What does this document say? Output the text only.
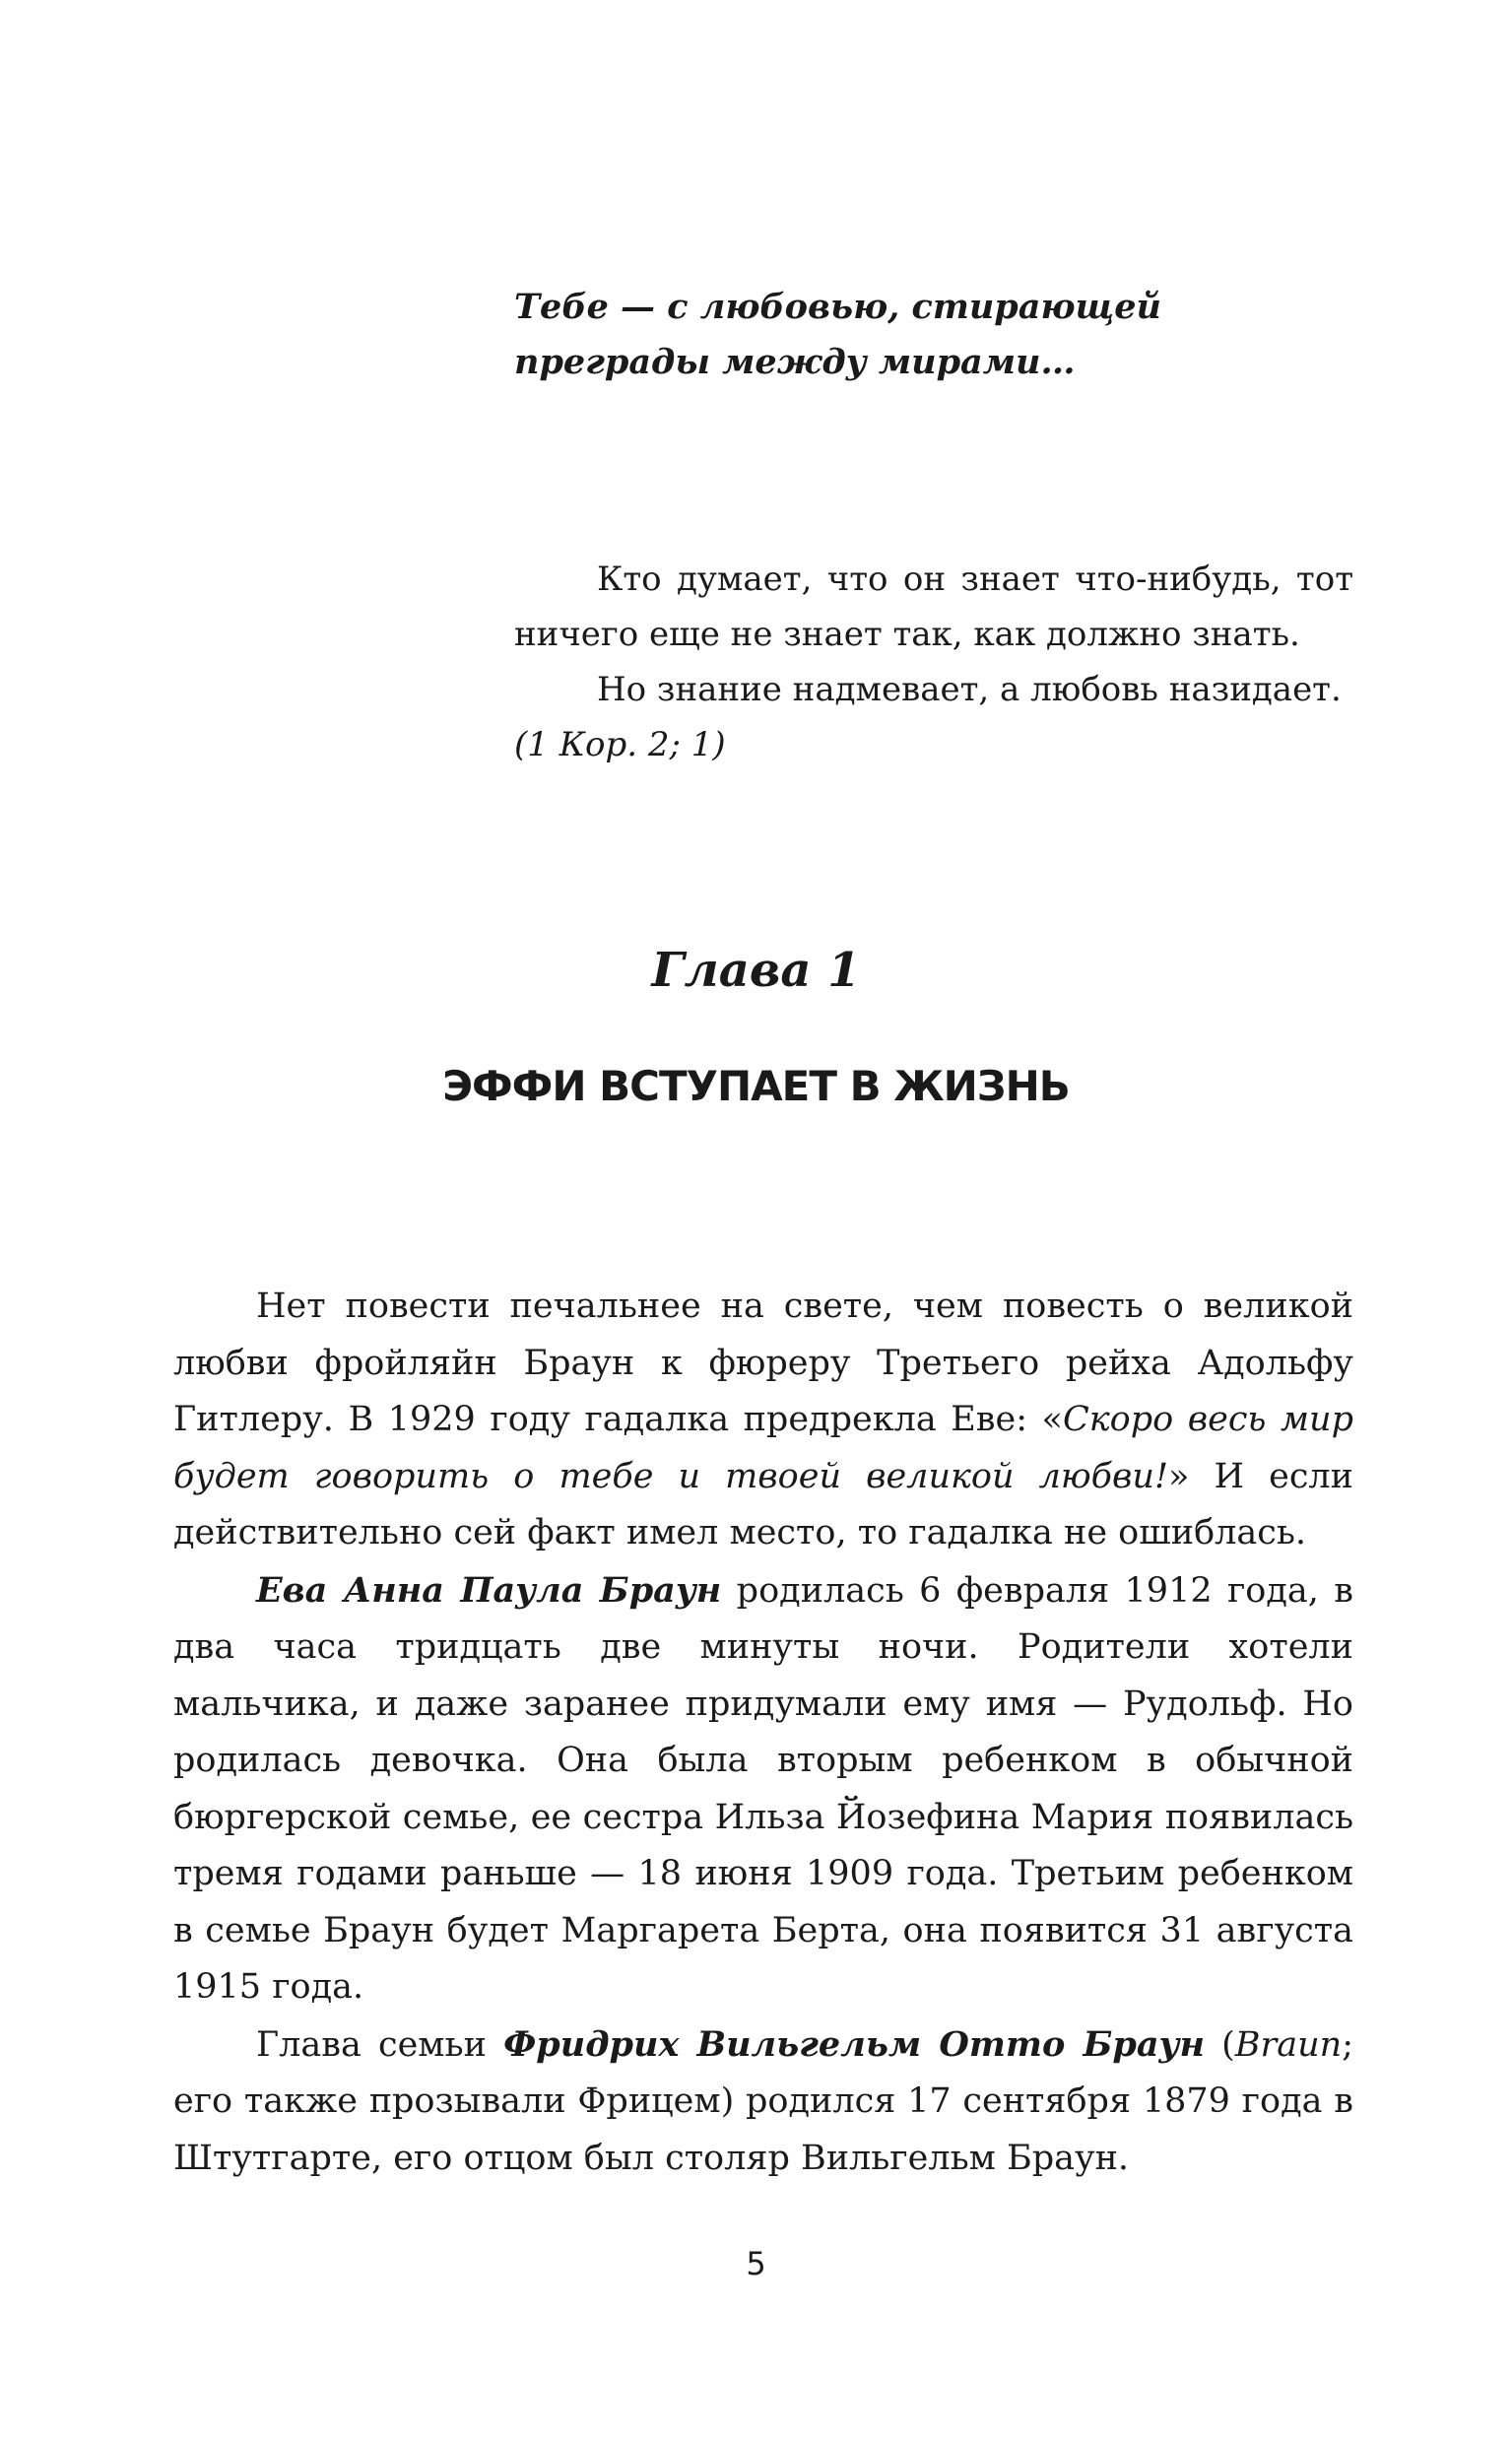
Тебе — с любовью, стирающей преграды между мирами…

Кто думает, что он знает что-нибудь, тот ничего еще не знает так, как должно знать.

Но знание надмевает, а любовь назидает.

(1 Кор. 2; 1)

Глава 1
ЭФФИ ВСТУПАЕТ В ЖИЗНЬ

Нет повести печальнее на свете, чем повесть о великой любви фройляйн Браун к фюреру Третьего рейха Адольфу Гитлеру. В 1929 году гадалка предрекла Еве: «Скоро весь мир будет говорить о тебе и твоей великой любви!» И если действительно сей факт имел место, то гадалка не ошиблась.

Ева Анна Паула Браун родилась 6 февраля 1912 года, в два часа тридцать две минуты ночи. Родители хотели мальчика, и даже заранее придумали ему имя — Рудольф. Но родилась девочка. Она была вторым ребенком в обычной бюргерской семье, ее сестра Ильза Йозефина Мария появилась тремя годами раньше — 18 июня 1909 года. Третьим ребенком в семье Браун будет Маргарета Берта, она появится 31 августа 1915 года.

Глава семьи Фридрих Вильгельм Отто Браун (Braun; его также прозывали Фрицем) родился 17 сентября 1879 года в Штутгарте, его отцом был столяр Вильгельм Браун.

5
